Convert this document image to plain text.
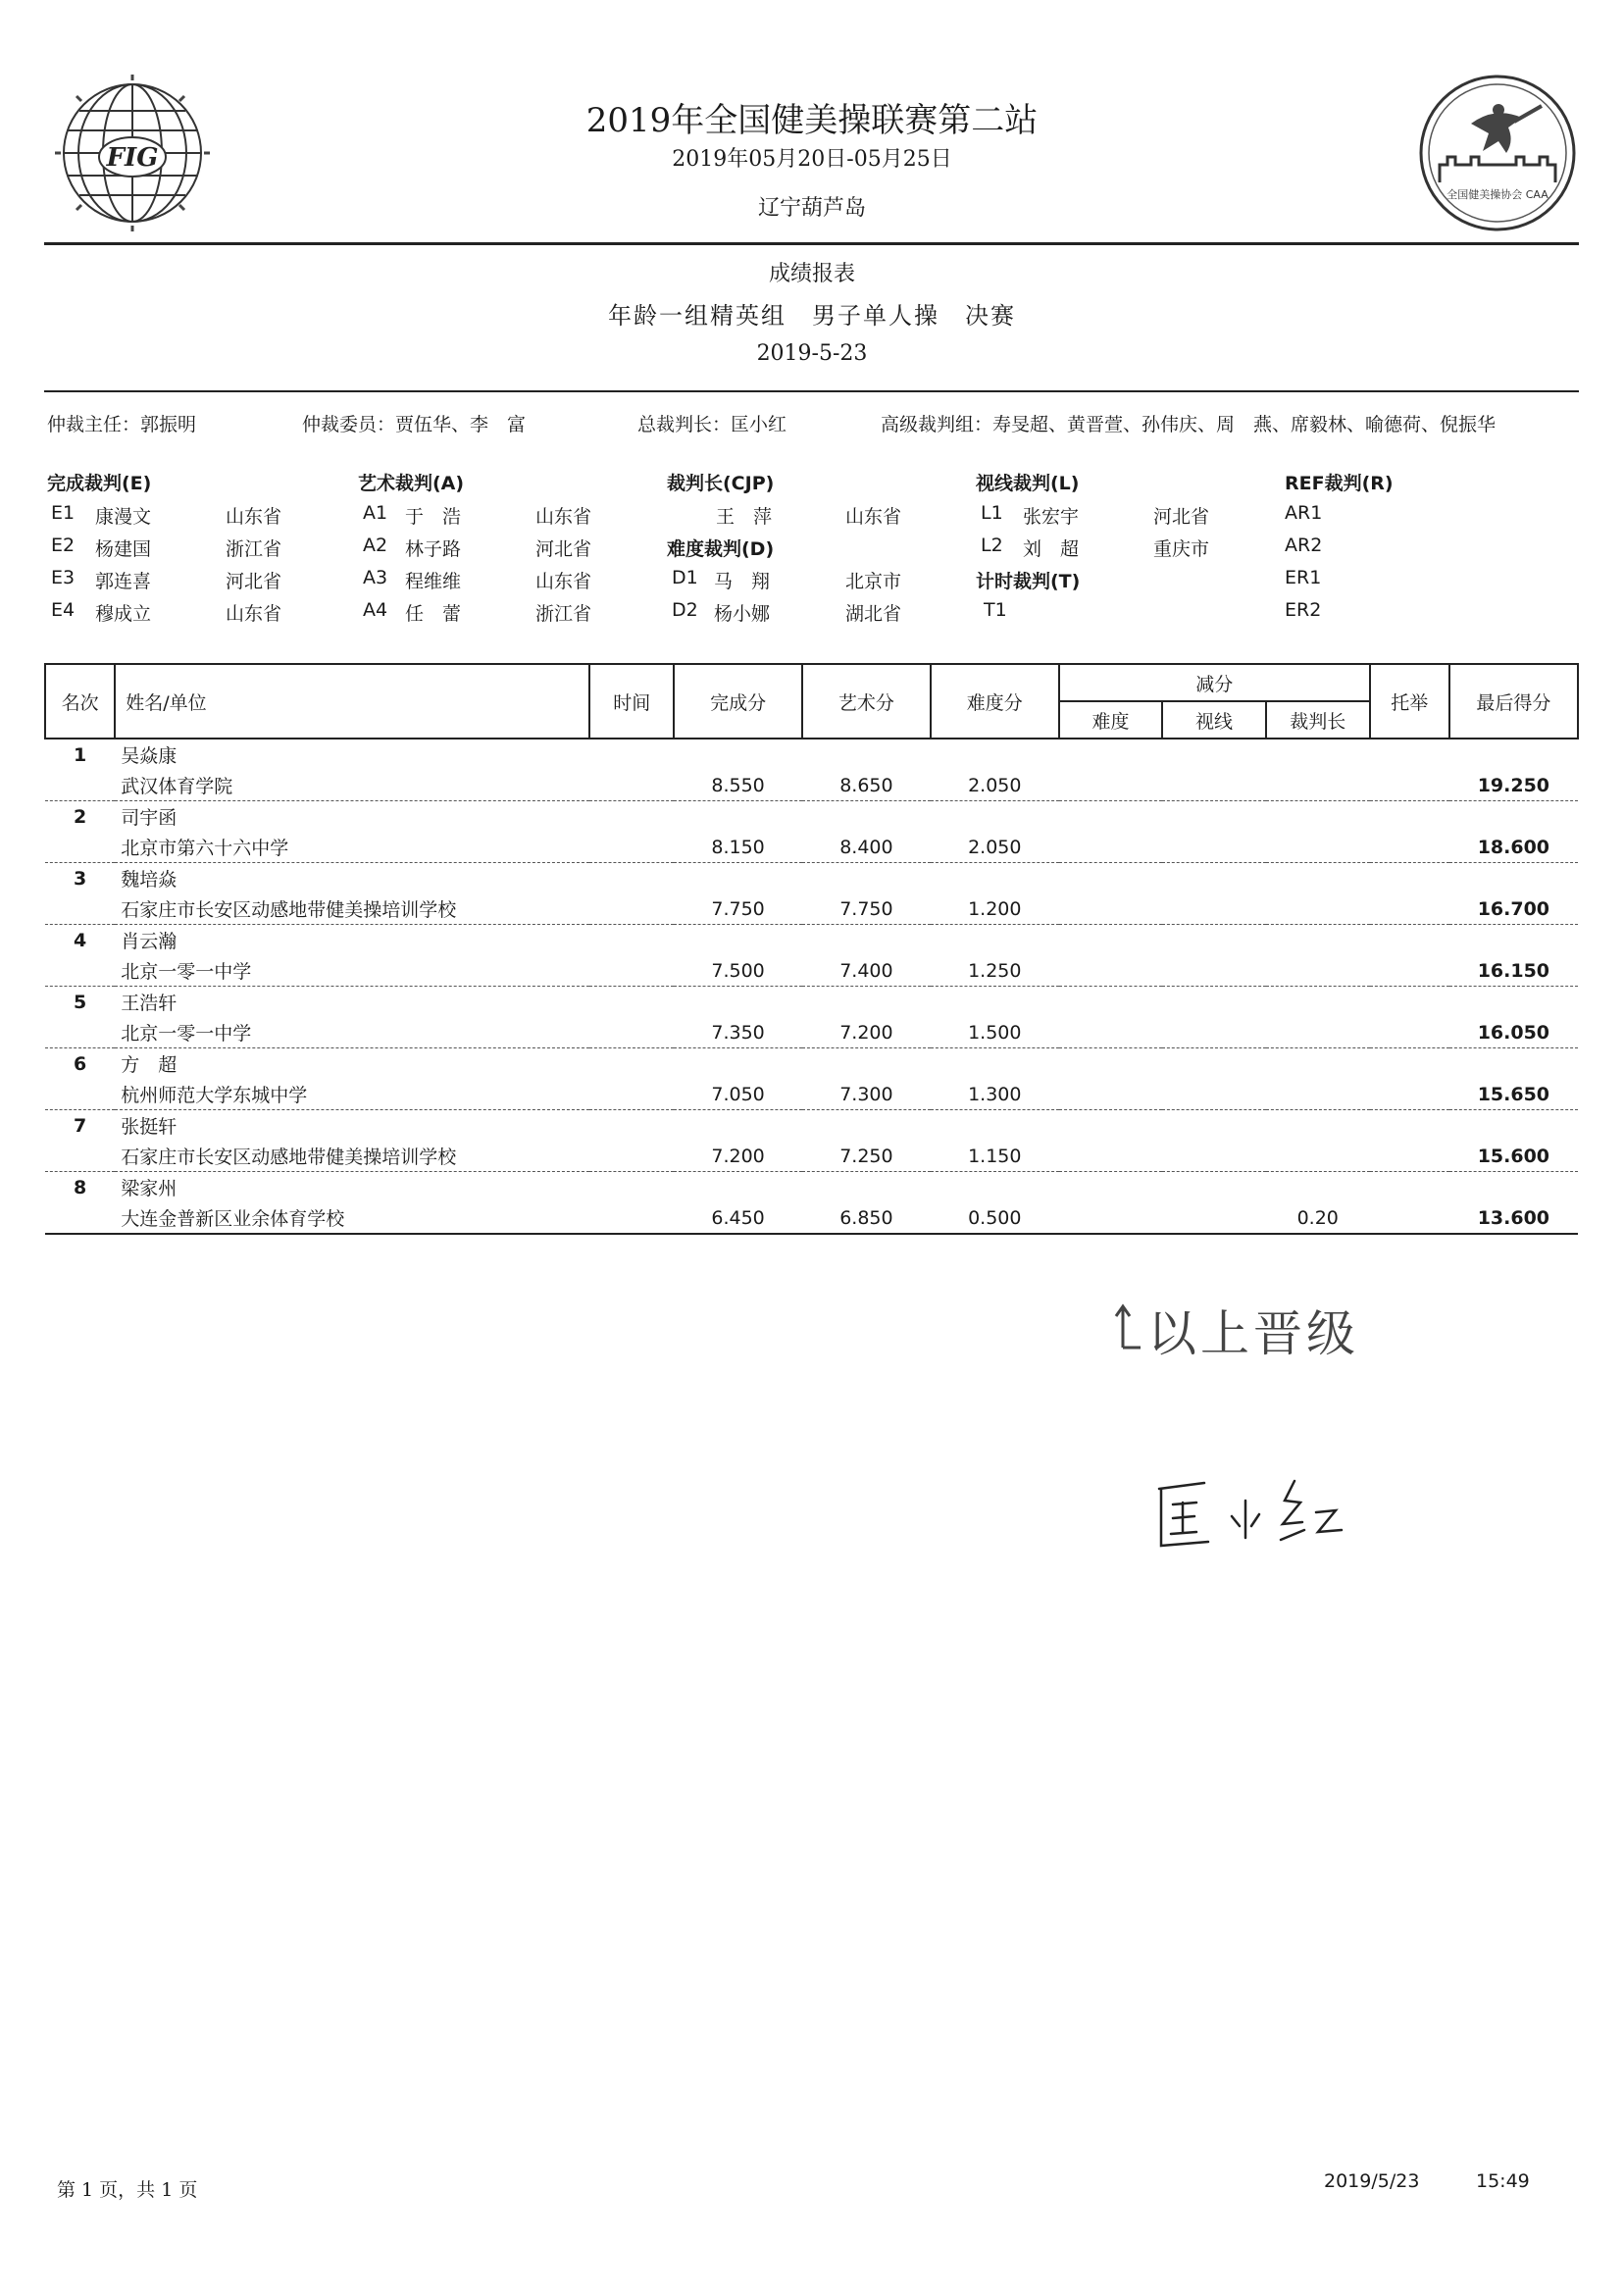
FIG
全国健美操协会 CAA
2019年全国健美操联赛第二站
2019年05月20日-05月25日
辽宁葫芦岛
成绩报表
年龄一组精英组　男子单人操　决赛
2019-5-23
仲裁主任：郭振明	仲裁委员：贾伍华、李　富	总裁判长：匡小红	高级裁判组：寿旻超、黄晋萱、孙伟庆、周　燕、席毅林、喻德荷、倪振华
完成裁判(E)	艺术裁判(A)	裁判长(CJP)	视线裁判(L)	REF裁判(R)
E1 康漫文	山东省
E2 杨建国	浙江省
E3 郭连喜	河北省
E4 穆成立	山东省
A1 于　浩	山东省
A2 林子路	河北省
A3 程维维	山东省
A4 任　蕾	浙江省
王　萍	山东省
难度裁判(D)
D1 马　翔	北京市
D2 杨小娜	湖北省
L1 张宏宇	河北省
L2 刘　超	重庆市
计时裁判(T)
T1
AR1
AR2
ER1
ER2
名次	姓名/单位	时间	完成分	艺术分	难度分	减分			托举	最后得分
						难度	视线	裁判长		
1	吴焱康									
	武汉体育学院		8.550	8.650	2.050					19.250
2	司宇函									
	北京市第六十六中学		8.150	8.400	2.050					18.600
3	魏培焱									
	石家庄市长安区动感地带健美操培训学校		7.750	7.750	1.200					16.700
4	肖云瀚									
	北京一零一中学		7.500	7.400	1.250					16.150
5	王浩轩									
	北京一零一中学		7.350	7.200	1.500					16.050
6	方　超									
	杭州师范大学东城中学		7.050	7.300	1.300					15.650
7	张挺轩									
	石家庄市长安区动感地带健美操培训学校		7.200	7.250	1.150					15.600
8	梁家州									
	大连金普新区业余体育学校		6.450	6.850	0.500			0.20		13.600
以上晋级
第 1 页，共 1 页	2019/5/23	15:49
